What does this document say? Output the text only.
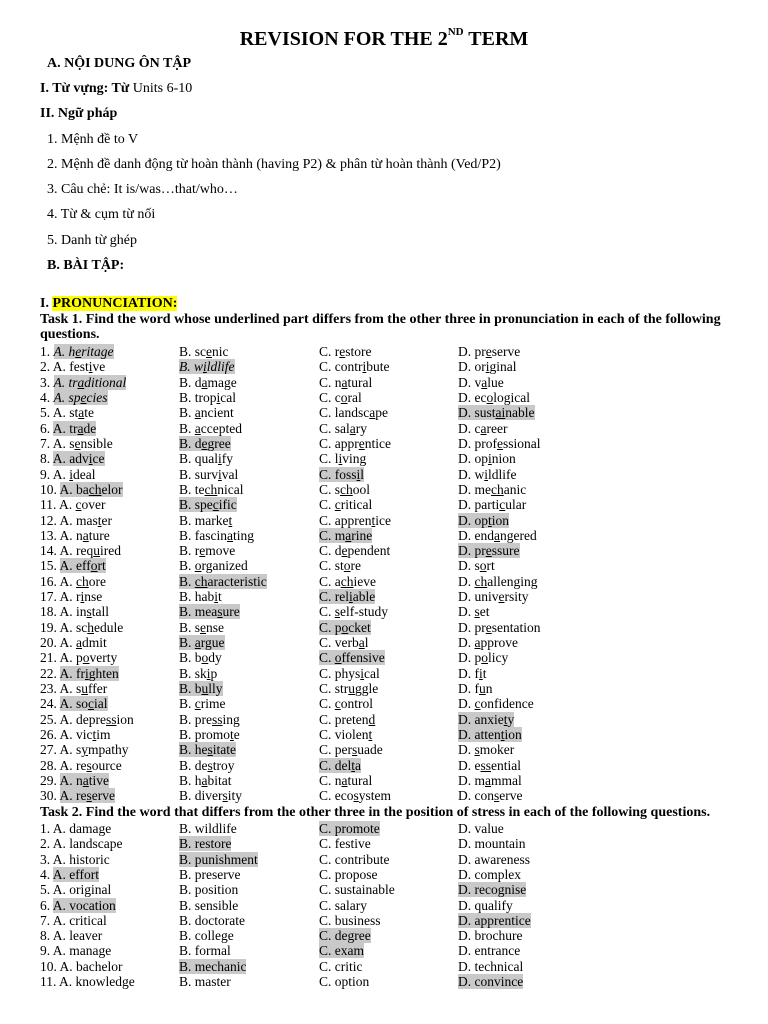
REVISION FOR THE 2ND TERM
A. NỘI DUNG ÔN TẬP
I. Từ vựng: Từ Units 6-10
II. Ngữ pháp
1. Mệnh đề to V
2. Mệnh đề danh động từ hoàn thành (having P2) & phân từ hoàn thành (Ved/P2)
3. Câu chẻ: It is/was…that/who…
4. Từ & cụm từ nối
5. Danh từ ghép
B. BÀI TẬP:
I. PRONUNCIATION:
Task 1. Find the word whose underlined part differs from the other three in pronunciation in each of the following questions.
1. A. heritage	B. scenic	C. restore	D. preserve
2. A. festive	B. wildlife	C. contribute	D. original
3. A. traditional	B. damage	C. natural	D. value
4. A. species	B. tropical	C. coral	D. ecological
5. A. state	B. ancient	C. landscape	D. sustainable
6. A. trade	B. accepted	C. salary	D. career
7. A. sensible	B. degree	C. apprentice	D. professional
8. A. advice	B. qualify	C. living	D. opinion
9. A. ideal	B. survival	C. fossil	D. wildlife
10. A. bachelor	B. technical	C. school	D. mechanic
11. A. cover	B. specific	C. critical	D. particular
12. A. master	B. market	C. apprentice	D. option
13. A. nature	B. fascinating	C. marine	D. endangered
14. A. required	B. remove	C. dependent	D. pressure
15. A. effort	B. organized	C. store	D. sort
16. A. chore	B. characteristic	C. achieve	D. challenging
17. A. rinse	B. habit	C. reliable	D. university
18. A. install	B. measure	C. self-study	D. set
19. A. schedule	B. sense	C. pocket	D. presentation
20. A. admit	B. argue	C. verbal	D. approve
21. A. poverty	B. body	C. offensive	D. policy
22. A. frighten	B. skip	C. physical	D. fit
23. A. suffer	B. bully	C. struggle	D. fun
24. A. social	B. crime	C. control	D. confidence
25. A. depression	B. pressing	C. pretend	D. anxiety
26. A. victim	B. promote	C. violent	D. attention
27. A. sympathy	B. hesitate	C. persuade	D. smoker
28. A. resource	B. destroy	C. delta	D. essential
29. A. native	B. habitat	C. natural	D. mammal
30. A. reserve	B. diversity	C. ecosystem	D. conserve
Task 2. Find the word that differs from the other three in the position of stress in each of the following questions.
1. A. damage	B. wildlife	C. promote	D. value
2. A. landscape	B. restore	C. festive	D. mountain
3. A. historic	B. punishment	C. contribute	D. awareness
4. A. effort	B. preserve	C. propose	D. complex
5. A. original	B. position	C. sustainable	D. recognise
6. A. vocation	B. sensible	C. salary	D. qualify
7. A. critical	B. doctorate	C. business	D. apprentice
8. A. leaver	B. college	C. degree	D. brochure
9. A. manage	B. formal	C. exam	D. entrance
10. A. bachelor	B. mechanic	C. critic	D. technical
11. A. knowledge	B. master	C. option	D. convince
